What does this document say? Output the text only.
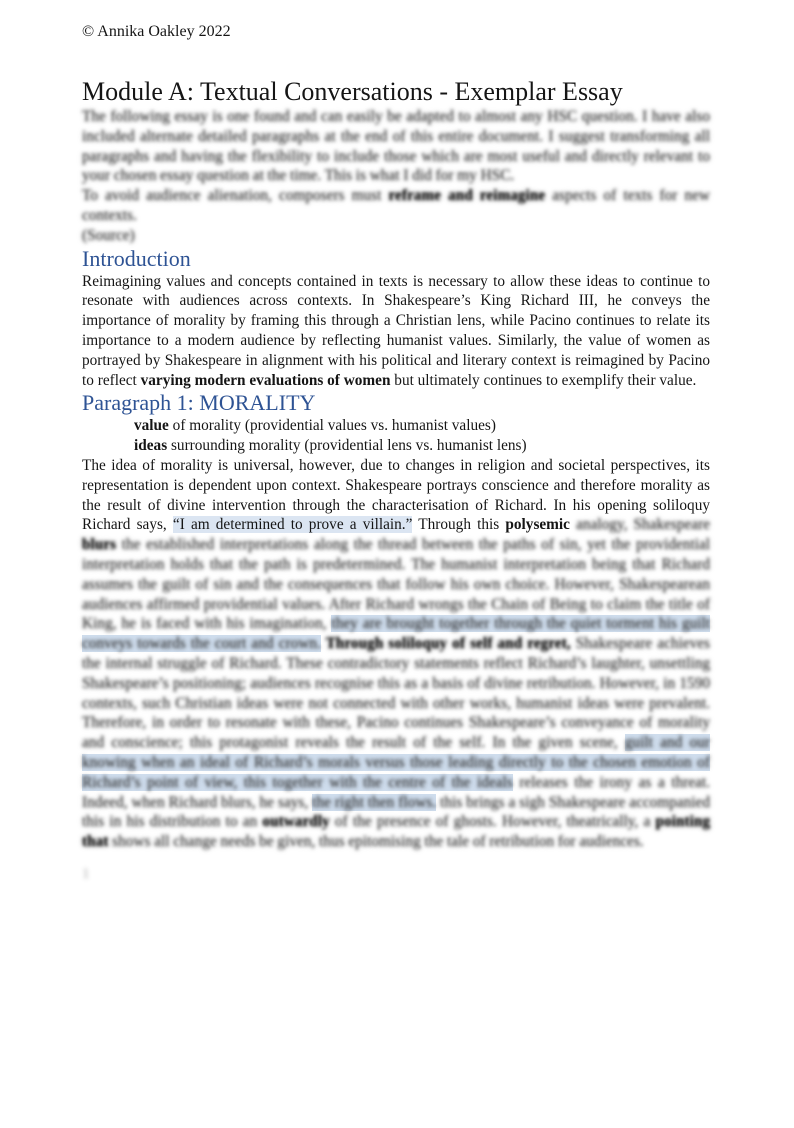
© Annika Oakley 2022
Module A: Textual Conversations - Exemplar Essay

The following essay is one found and can easily be adapted to almost any HSC question. I have also included alternate detailed paragraphs at the end of this entire document. I suggest transforming all paragraphs and having the flexibility to include those which are most useful and directly relevant to your chosen essay question at the time. This is what I did for my HSC.

To avoid audience alienation, composers must reframe and reimagine aspects of texts for new contexts.

(Source)

Introduction

Reimagining values and concepts contained in texts is necessary to allow these ideas to continue to resonate with audiences across contexts. In Shakespeare’s King Richard III, he conveys the importance of morality by framing this through a Christian lens, while Pacino continues to relate its importance to a modern audience by reflecting humanist values. Similarly, the value of women as portrayed by Shakespeare in alignment with his political and literary context is reimagined by Pacino to reflect varying modern evaluations of women but ultimately continues to exemplify their value.

Paragraph 1: MORALITY
value of morality (providential values vs. humanist values)
ideas surrounding morality (providential lens vs. humanist lens)

The idea of morality is universal, however, due to changes in religion and societal perspectives, its representation is dependent upon context. Shakespeare portrays conscience and therefore morality as the result of divine intervention through the characterisation of Richard. In his opening soliloquy Richard says, “I am determined to prove a villain.” Through this polysemic analogy, Shakespeare blurs the established interpretations along the thread between the paths of sin, yet the providential interpretation holds that the path is predetermined. The humanist interpretation being that Richard assumes the guilt of sin and the consequences that follow his own choice. However, Shakespearean audiences affirmed providential values. After Richard wrongs the Chain of Being to claim the title of King, he is faced with his imagination, they are brought together through the quiet torment his guilt conveys towards the court and crown. Through soliloquy of self and regret, Shakespeare achieves the internal struggle of Richard. These contradictory statements reflect Richard’s laughter, unsettling Shakespeare’s positioning; audiences recognise this as a basis of divine retribution. However, in 1590 contexts, such Christian ideas were not connected with other works, humanist ideas were prevalent. Therefore, in order to resonate with these, Pacino continues Shakespeare’s conveyance of morality and conscience; this protagonist reveals the result of the self. In the given scene, guilt and our knowing when an ideal of Richard’s morals versus those leading directly to the chosen emotion of Richard’s point of view, this together with the centre of the ideals releases the irony as a threat. Indeed, when Richard blurs, he says, the right then flows. this brings a sigh Shakespeare accompanied this in his distribution to an outwardly of the presence of ghosts. However, theatrically, a pointing that shows all change needs be given, thus epitomising the tale of retribution for audiences.

1
